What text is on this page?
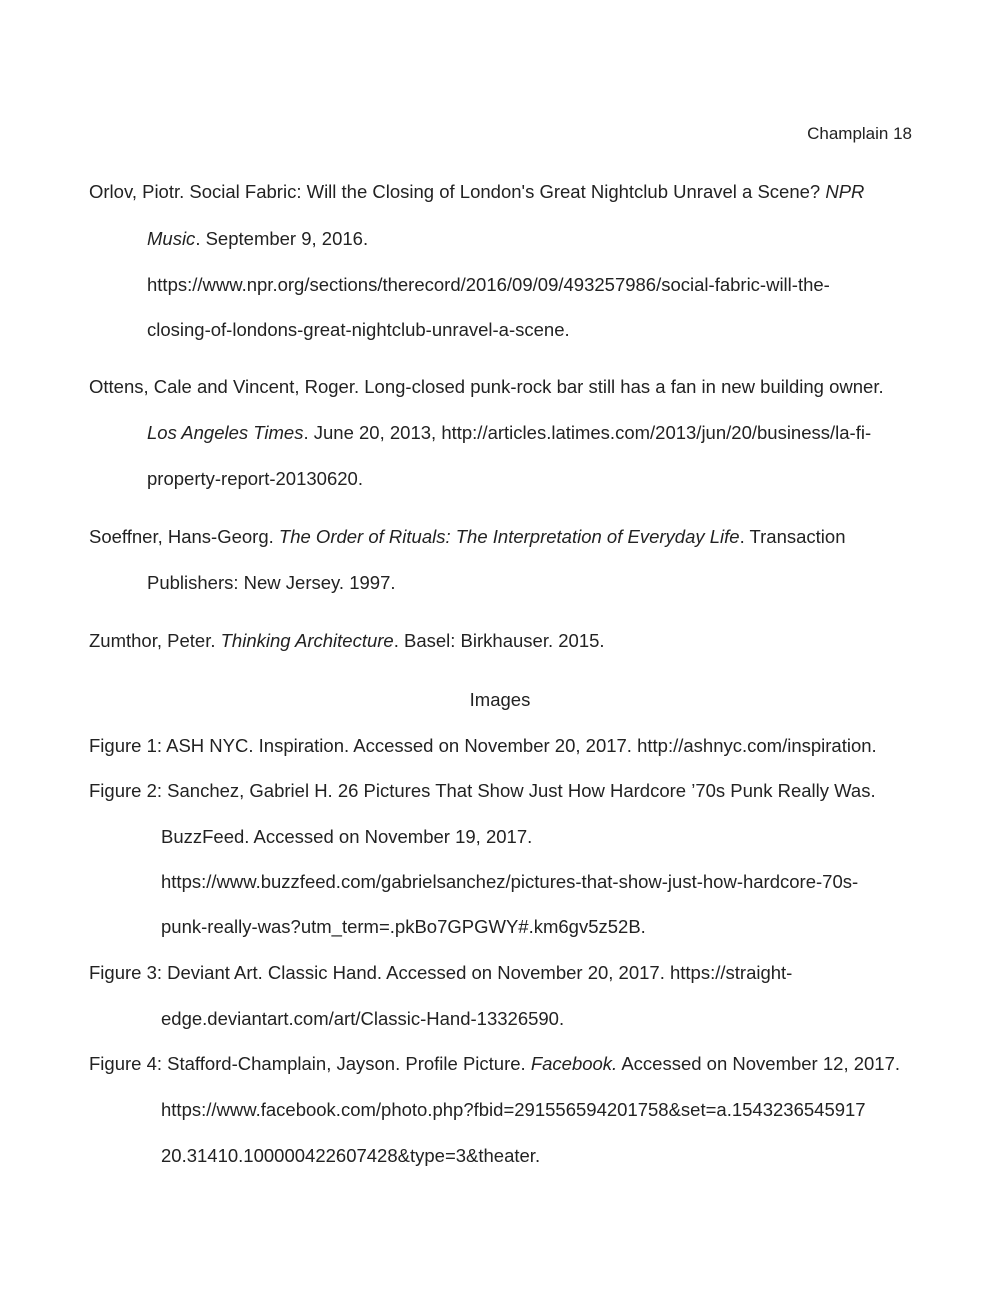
Champlain 18
Orlov, Piotr. Social Fabric: Will the Closing of London's Great Nightclub Unravel a Scene? NPR
Music. September 9, 2016.
https://www.npr.org/sections/therecord/2016/09/09/493257986/social-fabric-will-the-
closing-of-londons-great-nightclub-unravel-a-scene.
Ottens, Cale and Vincent, Roger. Long-closed punk-rock bar still has a fan in new building owner.
Los Angeles Times. June 20, 2013, http://articles.latimes.com/2013/jun/20/business/la-fi-
property-report-20130620.
Soeffner, Hans-Georg. The Order of Rituals: The Interpretation of Everyday Life. Transaction
Publishers: New Jersey. 1997.
Zumthor, Peter. Thinking Architecture. Basel: Birkhauser. 2015.
Images
Figure 1: ASH NYC. Inspiration. Accessed on November 20, 2017. http://ashnyc.com/inspiration.
Figure 2: Sanchez, Gabriel H. 26 Pictures That Show Just How Hardcore ’70s Punk Really Was.
BuzzFeed. Accessed on November 19, 2017.
https://www.buzzfeed.com/gabrielsanchez/pictures-that-show-just-how-hardcore-70s-
punk-really-was?utm_term=.pkBo7GPGWY#.km6gv5z52B.
Figure 3: Deviant Art. Classic Hand. Accessed on November 20, 2017. https://straight-
edge.deviantart.com/art/Classic-Hand-13326590.
Figure 4: Stafford-Champlain, Jayson. Profile Picture. Facebook. Accessed on November 12, 2017.
https://www.facebook.com/photo.php?fbid=291556594201758&set=a.1543236545917
20.31410.100000422607428&type=3&theater.
